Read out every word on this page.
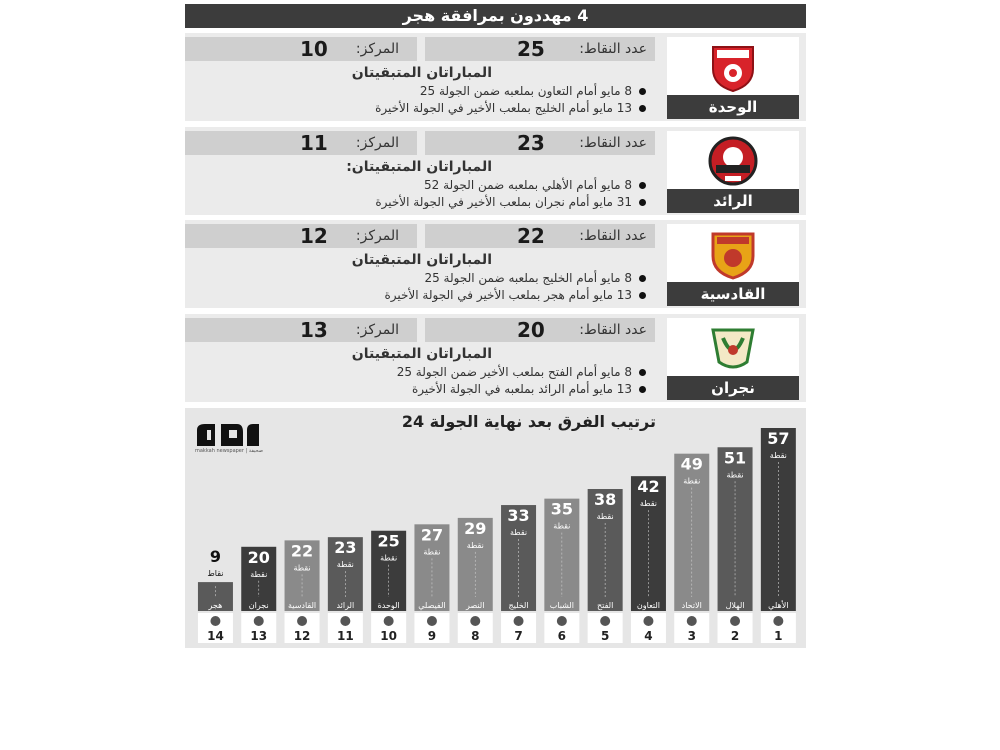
4 مهددون بمرافقة هجر
عدد النقاط:
25
المركز:
10
المباراتان المتبقيتان
8 مايو أمام التعاون بملعبه ضمن الجولة 25
13 مايو أمام الخليج بملعب الأخير في الجولة الأخيرة	الوحدة
عدد النقاط:
23
المركز:
11
المباراتان المتبقيتان:
8 مايو أمام الأهلي بملعبه ضمن الجولة 52
31 مايو أمام نجران بملعب الأخير في الجولة الأخيرة	الرائد
عدد النقاط:
22
المركز:
12
المباراتان المتبقيتان
8 مايو أمام الخليج بملعبه ضمن الجولة 25
13 مايو أمام هجر بملعب الأخير في الجولة الأخيرة	القادسية
عدد النقاط:
20
المركز:
13
المباراتان المتبقيتان
8 مايو أمام الفتح بملعب الأخير ضمن الجولة 25
13 مايو أمام الرائد بملعبه في الجولة الأخيرة	نجران
ترتيب الفرق بعد نهاية الجولة 24
makkah newspaper | صحيفة
57
نقطة
الأهلي
1
51
نقطة
الهلال
2
49
نقطة
الاتحاد
3
42
نقطة
التعاون
4
38
نقطة
الفتح
5
35
نقطة
الشباب
6
33
نقطة
الخليج
7
29
نقطة
النصر
8
27
نقطة
الفيصلي
9
25
نقطة
الوحدة
10
23
نقطة
الرائد
11
22
نقطة
القادسية
12
20
نقطة
نجران
13
9
نقاط
هجر
14
